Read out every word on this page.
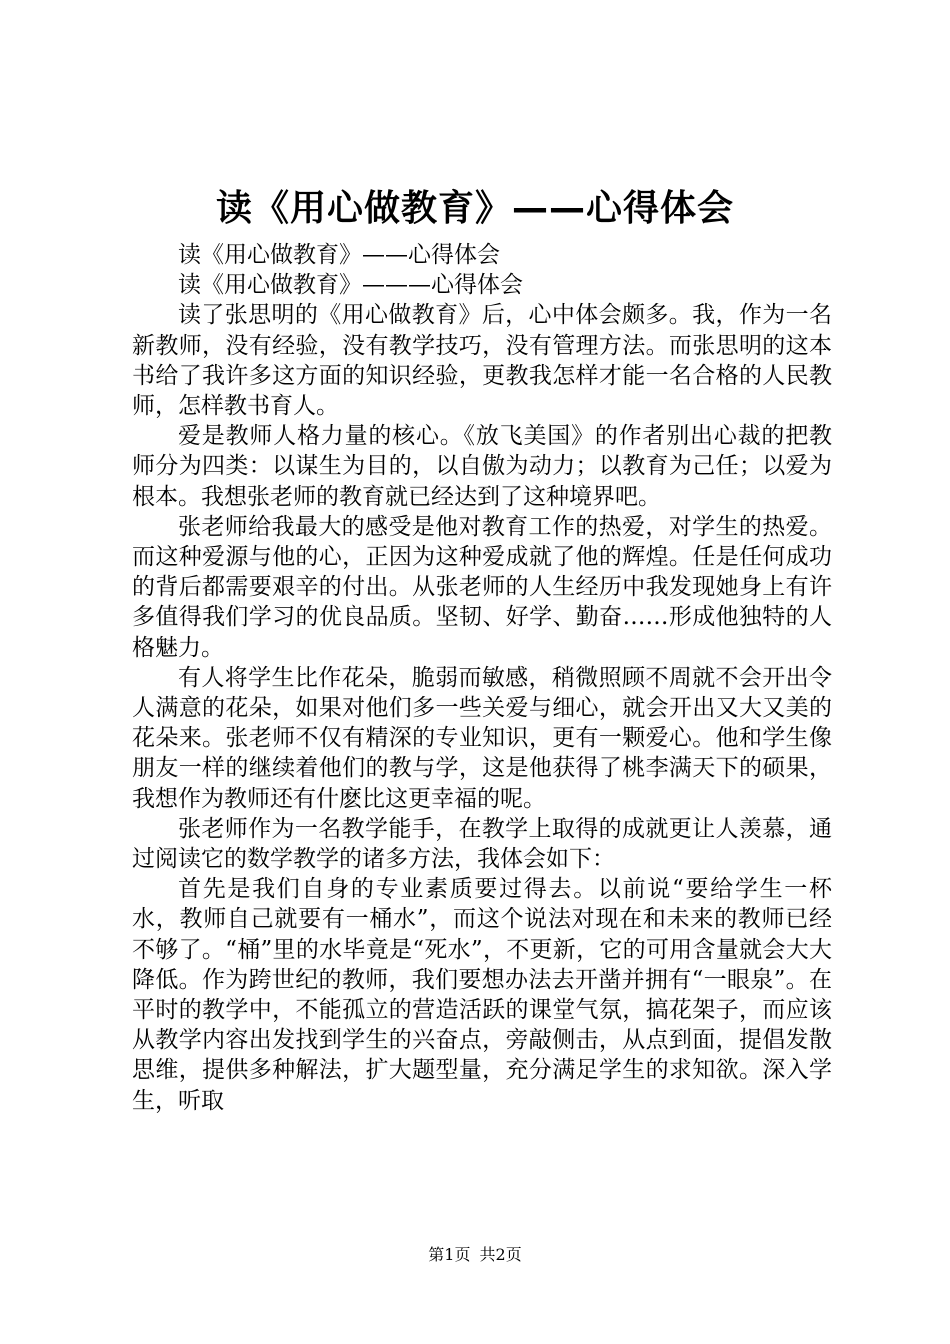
读《用心做教育》——心得体会

读《用心做教育》——心得体会

读《用心做教育》———心得体会

读了张思明的《用心做教育》后，心中体会颇多。我，作为一名新教师，没有经验，没有教学技巧，没有管理方法。而张思明的这本书给了我许多这方面的知识经验，更教我怎样才能一名合格的人民教师，怎样教书育人。

爱是教师人格力量的核心。《放飞美国》的作者别出心裁的把教师分为四类：以谋生为目的，以自傲为动力；以教育为己任；以爱为根本。我想张老师的教育就已经达到了这种境界吧。

张老师给我最大的感受是他对教育工作的热爱，对学生的热爱。而这种爱源与他的心，正因为这种爱成就了他的辉煌。任是任何成功的背后都需要艰辛的付出。从张老师的人生经历中我发现她身上有许多值得我们学习的优良品质。坚韧、好学、勤奋……形成他独特的人格魅力。

有人将学生比作花朵，脆弱而敏感，稍微照顾不周就不会开出令人满意的花朵，如果对他们多一些关爱与细心，就会开出又大又美的花朵来。张老师不仅有精深的专业知识，更有一颗爱心。他和学生像朋友一样的继续着他们的教与学，这是他获得了桃李满天下的硕果，我想作为教师还有什麽比这更幸福的呢。

张老师作为一名教学能手，在教学上取得的成就更让人羡慕，通过阅读它的数学教学的诸多方法，我体会如下：

首先是我们自身的专业素质要过得去。以前说“要给学生一杯水，教师自己就要有一桶水”，而这个说法对现在和未来的教师已经不够了。“桶”里的水毕竟是“死水”，不更新，它的可用含量就会大大降低。作为跨世纪的教师，我们要想办法去开凿并拥有“一眼泉”。在平时的教学中，不能孤立的营造活跃的课堂气氛，搞花架子，而应该从教学内容出发找到学生的兴奋点，旁敲侧击，从点到面，提倡发散思维，提供多种解法，扩大题型量，充分满足学生的求知欲。深入学生，听取

第1页 共2页
